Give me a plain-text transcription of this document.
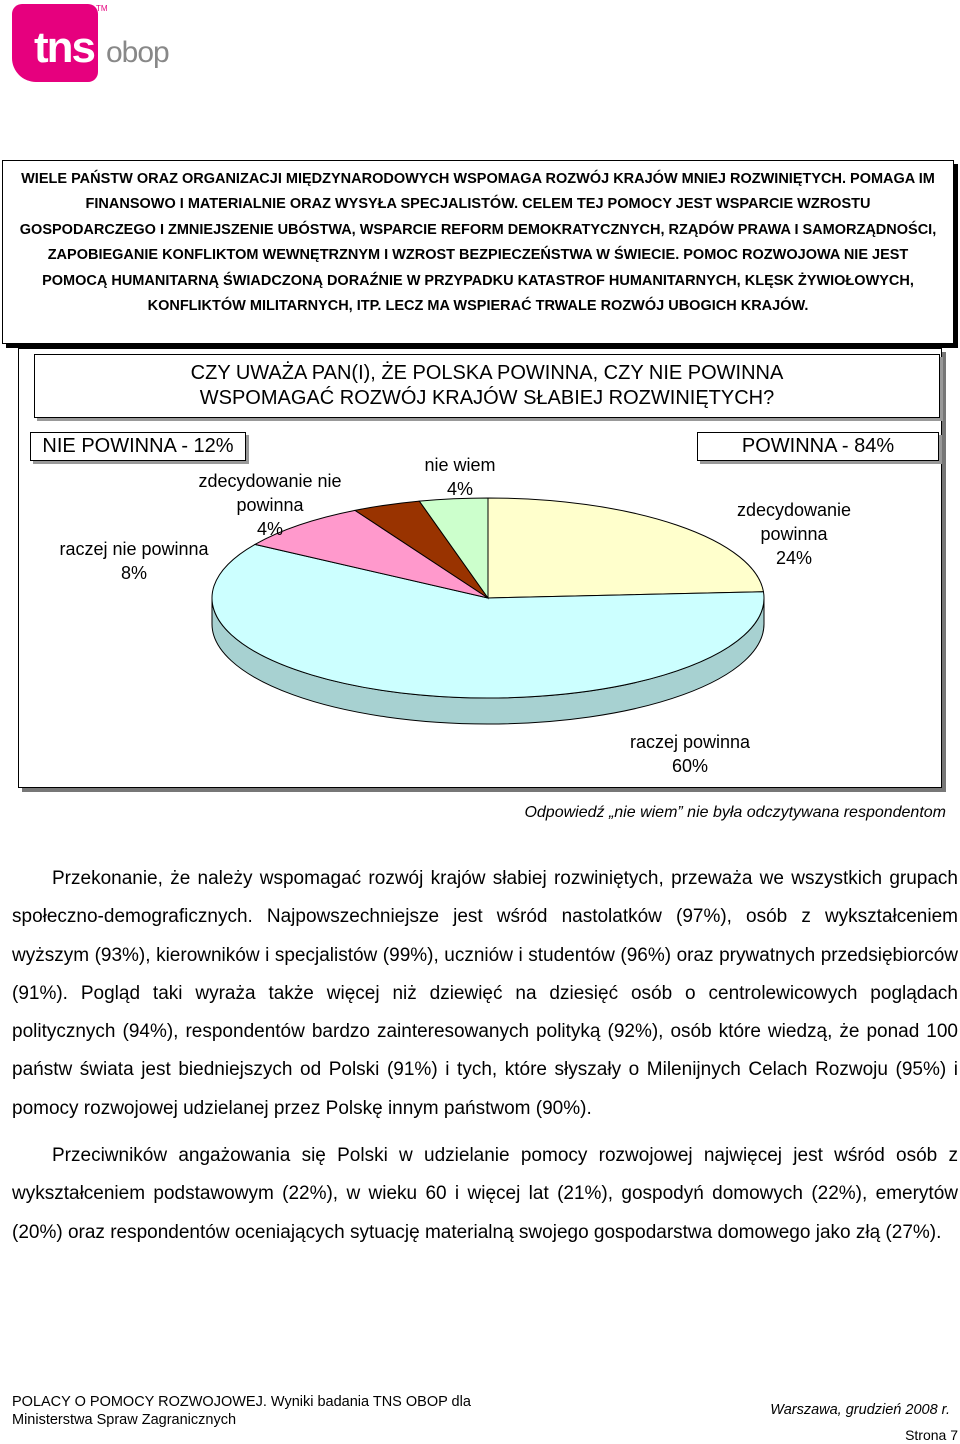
tns
TM
obop
WIELE PAŃSTW ORAZ ORGANIZACJI MIĘDZYNARODOWYCH WSPOMAGA ROZWÓJ KRAJÓW MNIEJ ROZWINIĘTYCH. POMAGA IM FINANSOWO I MATERIALNIE ORAZ WYSYŁA SPECJALISTÓW. CELEM TEJ POMOCY JEST WSPARCIE WZROSTU GOSPODARCZEGO I ZMNIEJSZENIE UBÓSTWA, WSPARCIE REFORM DEMOKRATYCZNYCH, RZĄDÓW PRAWA I SAMORZĄDNOŚCI, ZAPOBIEGANIE KONFLIKTOM WEWNĘTRZNYM I WZROST BEZPIECZEŃSTWA W ŚWIECIE. POMOC ROZWOJOWA NIE JEST POMOCĄ HUMANITARNĄ ŚWIADCZONĄ DORAŹNIE W PRZYPADKU KATASTROF HUMANITARNYCH, KLĘSK ŻYWIOŁOWYCH, KONFLIKTÓW MILITARNYCH, ITP. LECZ MA WSPIERAĆ TRWALE ROZWÓJ UBOGICH KRAJÓW.
CZY UWAŻA PAN(I), ŻE POLSKA POWINNA, CZY NIE POWINNA
WSPOMAGAĆ ROZWÓJ KRAJÓW SŁABIEJ ROZWINIĘTYCH?
NIE POWINNA - 12%	POWINNA - 84%
zdecydowanie
powinna
24%
raczej powinna
60%
raczej nie powinna
8%
zdecydowanie nie
powinna
4%
nie wiem
4%
Odpowiedź „nie wiem” nie była odczytywana respondentom

Przekonanie, że należy wspomagać rozwój krajów słabiej rozwiniętych, przeważa we wszystkich grupach społeczno-demograficznych. Najpowszechniejsze jest wśród nastolatków (97%), osób z wykształceniem wyższym (93%), kierowników i specjalistów (99%), uczniów i studentów (96%) oraz prywatnych przedsiębiorców (91%). Pogląd taki wyraża także więcej niż dziewięć na dziesięć osób o centrolewicowych poglądach politycznych (94%), respondentów bardzo zainteresowanych polityką (92%), osób które wiedzą, że ponad 100 państw świata jest biedniejszych od Polski (91%) i tych, które słyszały o Milenijnych Celach Rozwoju (95%) i pomocy rozwojowej udzielanej przez Polskę innym państwom (90%).

Przeciwników angażowania się Polski w udzielanie pomocy rozwojowej najwięcej jest wśród osób z wykształceniem podstawowym (22%), w wieku 60 i więcej lat (21%), gospodyń domowych (22%), emerytów (20%) oraz respondentów oceniających sytuację materialną swojego gospodarstwa domowego jako złą (27%).

POLACY O POMOCY ROZWOJOWEJ. Wyniki badania TNS OBOP dla
Ministerstwa Spraw Zagranicznych
Warszawa, grudzień 2008 r.
Strona 7
